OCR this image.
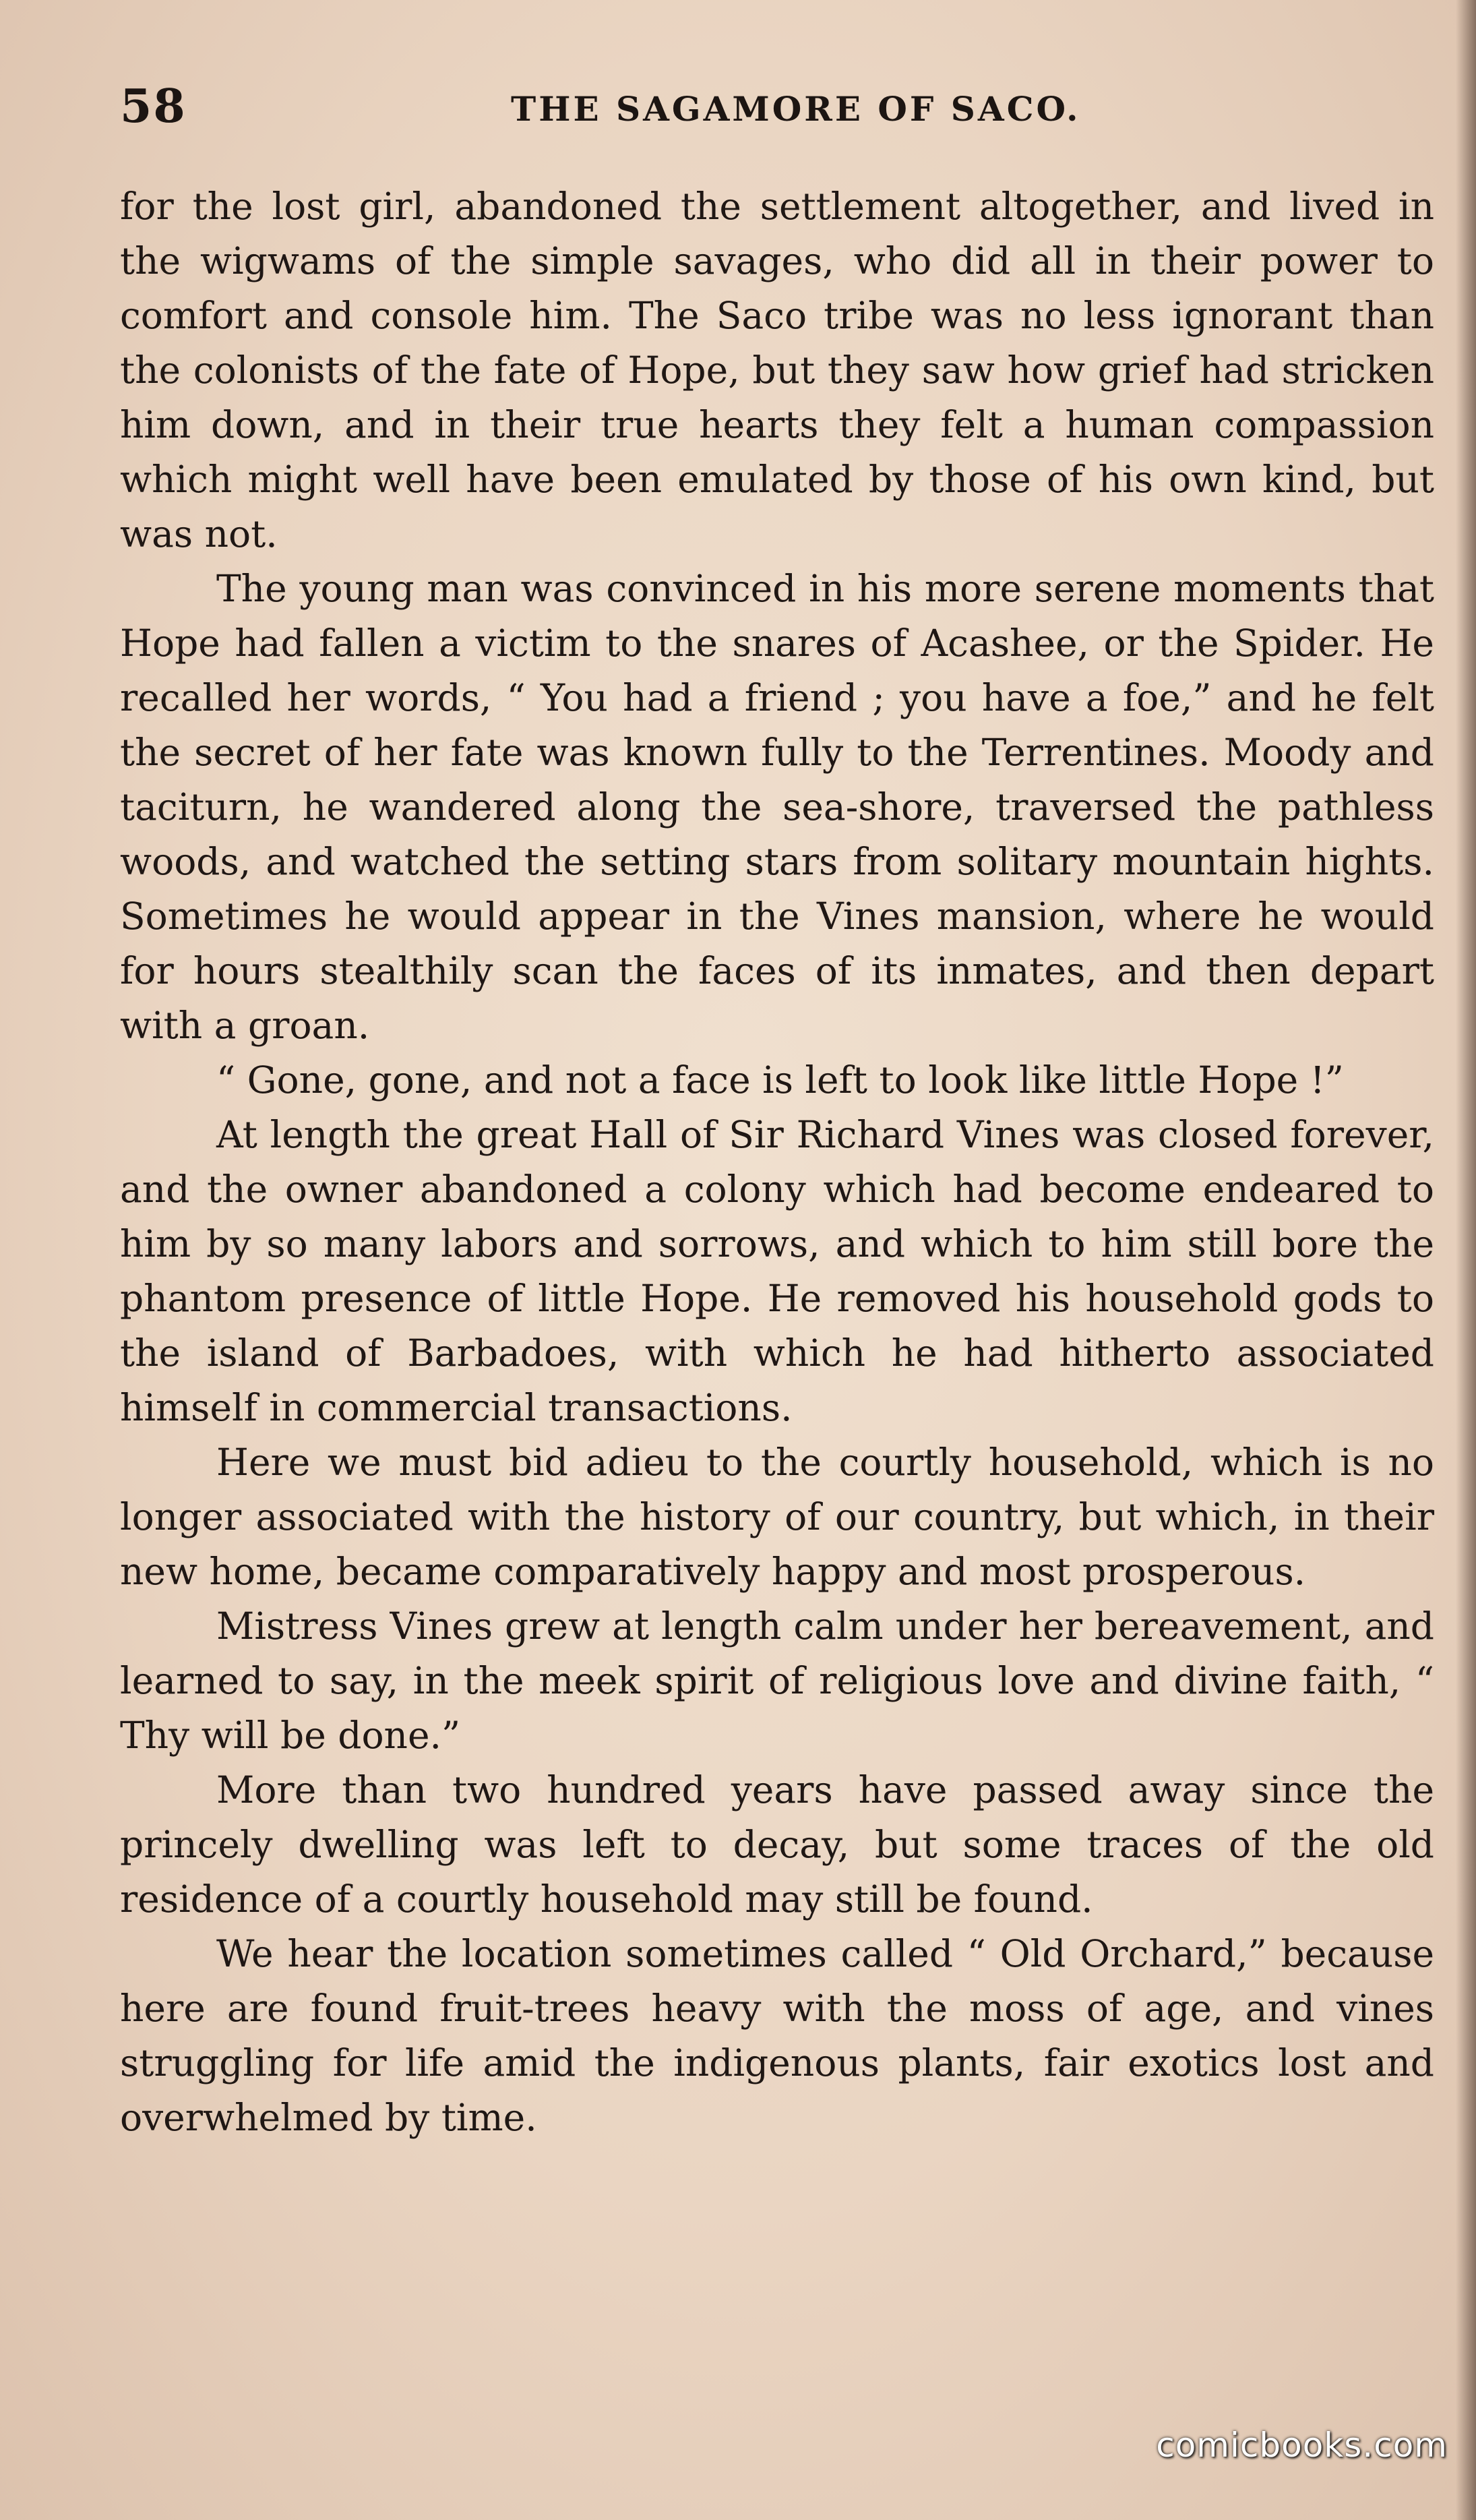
58	THE SAGAMORE OF SACO.

for the lost girl, abandoned the settlement altogether, and lived in the wigwams of the simple savages, who did all in their power to comfort and console him. The Saco tribe was no less ignorant than the colonists of the fate of Hope, but they saw how grief had stricken him down, and in their true hearts they felt a human compassion which might well have been emulated by those of his own kind, but was not.

The young man was convinced in his more serene moments that Hope had fallen a victim to the snares of Acashee, or the Spider. He recalled her words, “ You had a friend ; you have a foe,” and he felt the secret of her fate was known fully to the Terrentines. Moody and taciturn, he wandered along the sea-shore, traversed the pathless woods, and watched the setting stars from solitary mountain hights. Sometimes he would appear in the Vines mansion, where he would for hours stealthily scan the faces of its inmates, and then depart with a groan.

“ Gone, gone, and not a face is left to look like little Hope !”

At length the great Hall of Sir Richard Vines was closed forever, and the owner abandoned a colony which had become endeared to him by so many labors and sorrows, and which to him still bore the phantom presence of little Hope. He removed his household gods to the island of Barbadoes, with which he had hitherto associated himself in commercial transactions.

Here we must bid adieu to the courtly household, which is no longer associated with the history of our country, but which, in their new home, became comparatively happy and most prosperous.

Mistress Vines grew at length calm under her bereavement, and learned to say, in the meek spirit of religious love and divine faith, “ Thy will be done.”

More than two hundred years have passed away since the princely dwelling was left to decay, but some traces of the old residence of a courtly household may still be found.

We hear the location sometimes called “ Old Orchard,” because here are found fruit-trees heavy with the moss of age, and vines struggling for life amid the indigenous plants, fair exotics lost and overwhelmed by time.

comicbooks.com
